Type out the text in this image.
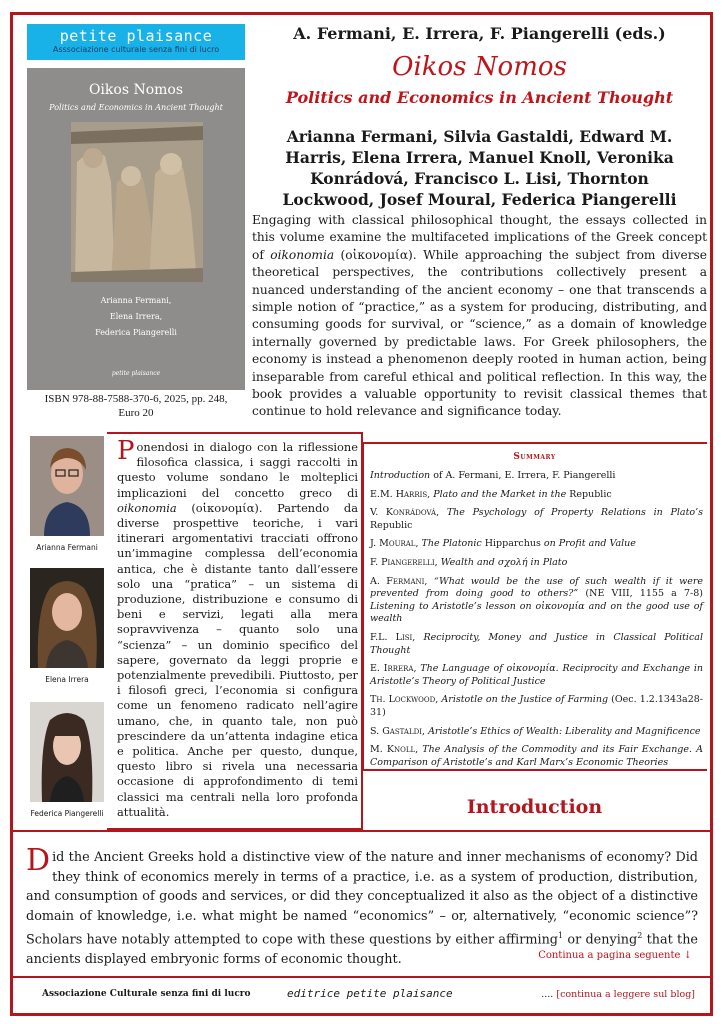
petite plaisance
Asssociazione culturale senza fini di lucro
Oikos Nomos
Politics and Economics in Ancient Thought
Arianna Fermani,
Elena Irrera,
Federica Piangerelli
petite plaisance
ISBN 978-88-7588-370-6, 2025, pp. 248,
Euro 20
A. Fermani, E. Irrera, F. Piangerelli (eds.)
Oikos Nomos
Politics and Economics in Ancient Thought
Arianna Fermani, Silvia Gastaldi, Edward M. Harris, Elena Irrera, Manuel Knoll, Veronika Konrádová, Francisco L. Lisi, Thornton Lockwood, Josef Moural, Federica Piangerelli
Engaging with classical philosophical thought, the essays collected in this volume examine the multifaceted implications of the Greek concept of oikonomia (οἰκονομία). While approaching the subject from diverse theoretical perspectives, the contributions collectively present a nuanced understanding of the ancient economy – one that transcends a simple notion of “practice,” as a system for producing, distributing, and consuming goods for survival, or “science,” as a domain of knowledge internally governed by predictable laws. For Greek philosophers, the economy is instead a phenomenon deeply rooted in human action, being inseparable from careful ethical and political reflection. In this way, the book provides a valuable opportunity to revisit classical themes that continue to hold relevance and significance today.
Arianna Fermani
Elena Irrera
Federica Piangerelli
Ponendosi in dialogo con la riflessione filosofica classica, i saggi raccolti in questo volume sondano le molteplici implicazioni del concetto greco di oikonomia (οἰκονομία). Partendo da diverse prospettive teoriche, i vari itinerari argomentativi tracciati offrono un’immagine complessa dell’economia antica, che è distante tanto dall’essere solo una “pratica” – un sistema di produzione, distribuzione e consumo di beni e servizi, legati alla mera sopravvivenza – quanto solo una “scienza” – un dominio specifico del sapere, governato da leggi proprie e potenzialmente prevedibili. Piuttosto, per i filosofi greci, l’economia si configura come un fenomeno radicato nell’agire umano, che, in quanto tale, non può prescindere da un’attenta indagine etica e politica. Anche per questo, dunque, questo libro si rivela una necessaria occasione di approfondimento di temi classici ma centrali nella loro profonda attualità.
Summary
Introduction of A. Fermani, E. Irrera, F. Piangerelli
E.M. Harris, Plato and the Market in the Republic
V. Konrádová, The Psychology of Property Relations in Plato’s Republic
J. Moural, The Platonic Hipparchus on Profit and Value
F. Piangerelli, Wealth and σχολή in Plato
A. Fermani, “What would be the use of such wealth if it were prevented from doing good to others?” (NE VIII, 1155 a 7-8) Listening to Aristotle’s lesson on οἰκονομία and on the good use of wealth
F.L. Lisi, Reciprocity, Money and Justice in Classical Political Thought
E. Irrera, The Language of οἰκονομία. Reciprocity and Exchange in Aristotle’s Theory of Political Justice
Th. Lockwood, Aristotle on the Justice of Farming (Oec. 1.2.1343a28-31)
S. Gastaldi, Aristotle’s Ethics of Wealth: Liberality and Magnificence
M. Knoll, The Analysis of the Commodity and its Fair Exchange. A Comparison of Aristotle’s and Karl Marx’s Economic Theories
Introduction
Did the Ancient Greeks hold a distinctive view of the nature and inner mechanisms of economy? Did they think of economics merely in terms of a practice, i.e. as a system of production, distribution, and consumption of goods and services, or did they conceptualized it also as the object of a distinctive domain of knowledge, i.e. what might be named “economics” – or, alternatively, “economic science”? Scholars have notably attempted to cope with these questions by either affirming$^1$ or denying$^2$ that the ancients displayed embryonic forms of economic thought.	Continua a pagina seguente ↓
Associazione Culturale senza fini di lucro	editrice petite plaisance	.... [continua a leggere sul blog]
